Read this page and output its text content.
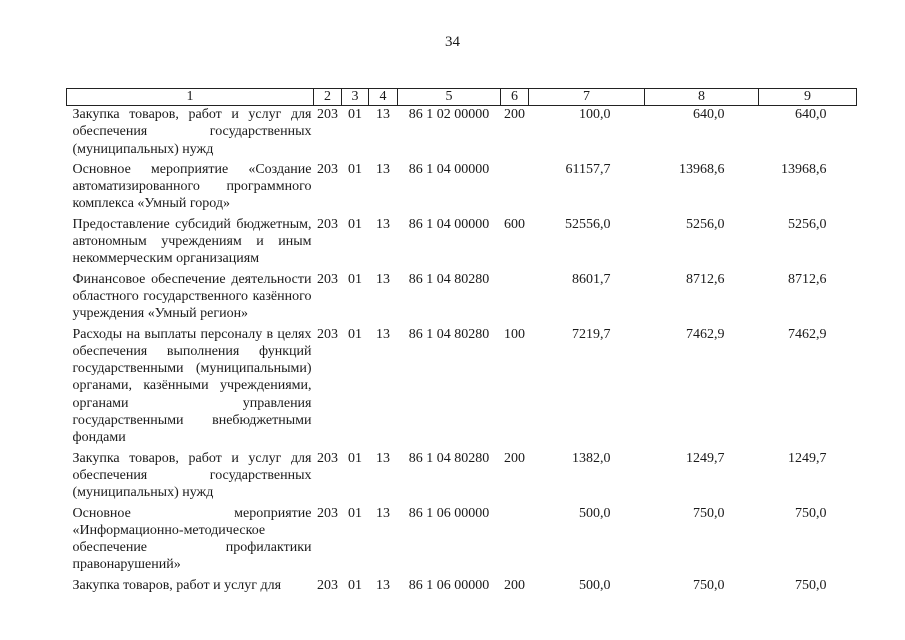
34
1	2	3	4	5	6	7	8	9
Закупка товаров, работ и услуг для обеспечения государственных (муниципальных) нужд	203	01	13	86 1 02 00000	200	100,0	640,0	640,0
Основное мероприятие «Создание автоматизированного программного комплекса «Умный город»	203	01	13	86 1 04 00000		61157,7	13968,6	13968,6
Предоставление субсидий бюджетным, автономным учреждениям и иным некоммерческим организациям	203	01	13	86 1 04 00000	600	52556,0	5256,0	5256,0
Финансовое обеспечение деятельности областного государственного казённого учреждения «Умный регион»	203	01	13	86 1 04 80280		8601,7	8712,6	8712,6
Расходы на выплаты персоналу в целях обеспечения выполнения функций государственными (муниципальными) органами, казёнными учреждениями, органами управления государственными внебюджетными фондами	203	01	13	86 1 04 80280	100	7219,7	7462,9	7462,9
Закупка товаров, работ и услуг для обеспечения государственных (муниципальных) нужд	203	01	13	86 1 04 80280	200	1382,0	1249,7	1249,7
Основное мероприятие «Информационно-методическое обеспечение профилактики правонарушений»	203	01	13	86 1 06 00000		500,0	750,0	750,0
Закупка товаров, работ и услуг для	203	01	13	86 1 06 00000	200	500,0	750,0	750,0
